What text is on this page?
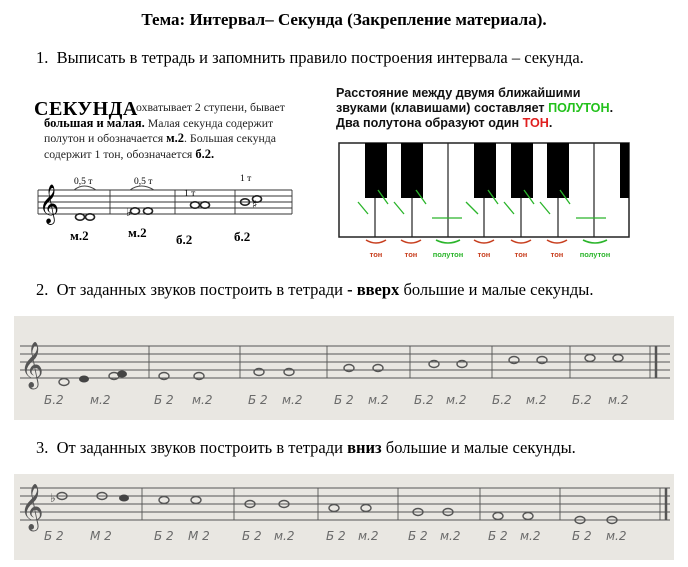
Тема: Интервал– Секунда (Закрепление материала).
1. Выписать в тетрадь и запомнить правило построения интервала – секунда.
охватывает 2 ступени, бывает
большая и малая. Малая секунда содержит
полутон и обозначается м.2. Большая секунда
содержит 1 тон, обозначается б.2.
СЕКУНДА
𝄞
0,5 т	0,5 т
1 т
1 т
♭
♯
м.2	м.2 б.2	б.2
Расстояние между двумя ближайшими
звуками (клавишами) составляет ПОЛУТОН.
Два полутона образуют один ТОН.
тон	тон полутон тон	тон	тон полутон
2. От заданных звуков построить в тетради - вверх большие и малые секунды.
𝄞
Б.2 м.2	Б 2 м.2	Б 2 м.2	Б 2 м.2 Б.2 м.2 Б.2 м.2 Б.2 м.2
3. От заданных звуков построить в тетради вниз большие и малые секунды.
𝄞 ♭
Б 2 М 2	Б 2 М 2	Б 2 м.2	Б 2 м.2 Б 2 м.2 Б 2 м.2	Б 2 м.2
